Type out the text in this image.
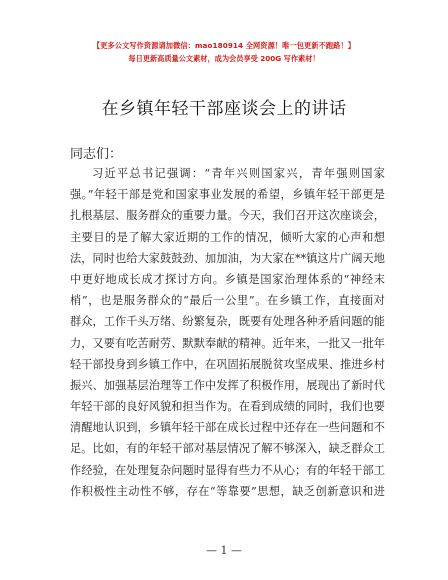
【更多公文写作资源请加微信：mao180914 全网资源！唯一包更新不跑路！】
每日更新高质量公文素材，成为会员享受 200G 写作素材！
在乡镇年轻干部座谈会上的讲话
同志们：
习近平总书记强调：“青年兴则国家兴，青年强则国家
强。”年轻干部是党和国家事业发展的希望，乡镇年轻干部更是
扎根基层、服务群众的重要力量。今天，我们召开这次座谈会，
主要目的是了解大家近期的工作的情况，倾听大家的心声和想
法，同时也给大家鼓鼓劲、加加油，为大家在**镇这片广阔天地
中更好地成长成才探讨方向。乡镇是国家治理体系的“神经末
梢”，也是服务群众的“最后一公里”。在乡镇工作，直接面对
群众，工作千头万绪、纷繁复杂，既要有处理各种矛盾问题的能
力，又要有吃苦耐劳、默默奉献的精神。近年来，一批又一批年
轻干部投身到乡镇工作中，在巩固拓展脱贫攻坚成果、推进乡村
振兴、加强基层治理等工作中发挥了积极作用，展现出了新时代
年轻干部的良好风貌和担当作为。在看到成绩的同时，我们也要
清醒地认识到，乡镇年轻干部在成长过程中还存在一些问题和不
足。比如，有的年轻干部对基层情况了解不够深入，缺乏群众工
作经验，在处理复杂问题时显得有些力不从心；有的年轻干部工
作积极性主动性不够，存在“等靠要”思想，缺乏创新意识和进
— 1 —
